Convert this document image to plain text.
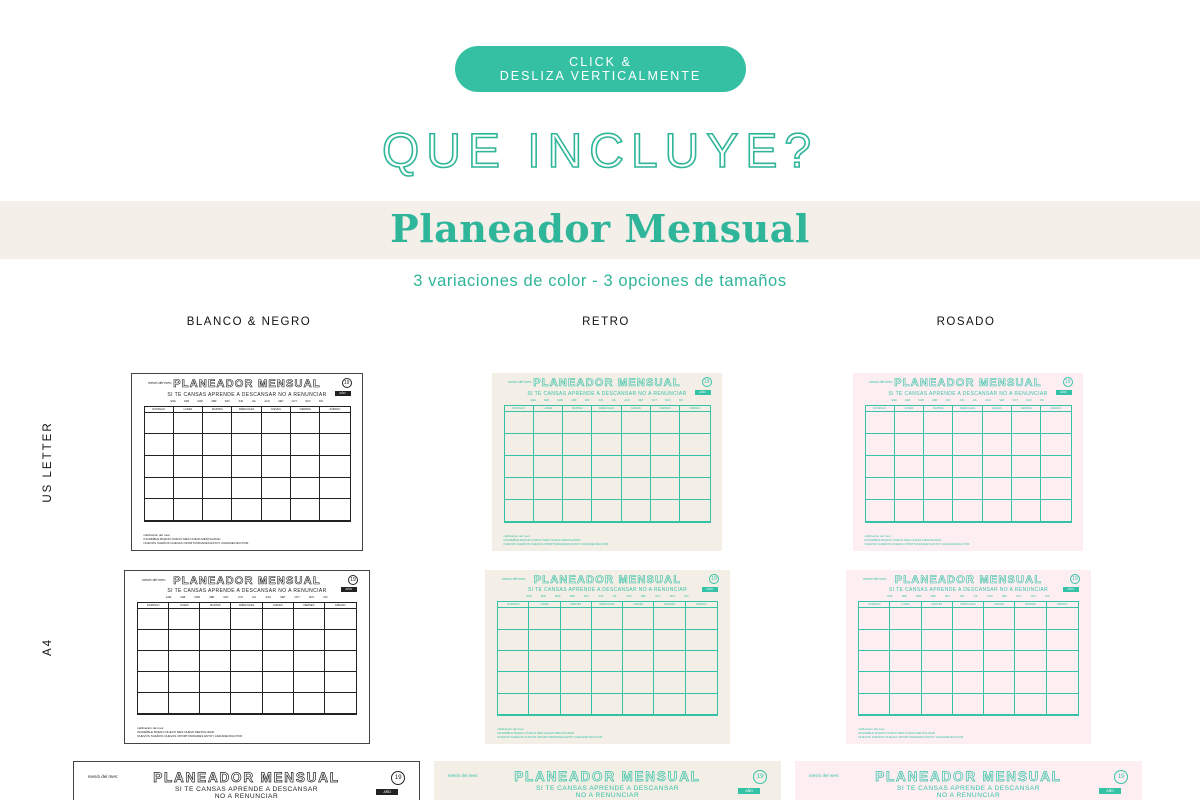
CLICK &
DESLIZA VERTICALMENTE
QUE INCLUYE?
Planeador Mensual

3 variaciones de color - 3 opciones de tamaños

BLANCO & NEGRO	RETRO	ROSADO
US LETTER
A4
mes/o del mes: PLANEADOR MENSUAL
SI TE CANSAS APRENDE A DESCANSAR NO A RENUNCIAR
19
AÑO
ENE	FEB	MAR	ABR	MAY	JUN	JUL	AGO	SEP	OCT	NOV	DIC
DOMINGO	LUNES	MARTES	MIÉRCOLES	JUEVES	VIERNES	SÁBADO
calificación del mes:
INCREÍBLE BUENO NUEVO MES NUEVA MENTALIDAD
NUEVOS SUEÑOS NUEVAS OPORTUNIDADES ESTOY AGRADECIDA POR:
mes/o del mes: PLANEADOR MENSUAL
SI TE CANSAS APRENDE A DESCANSAR NO A RENUNCIAR
19
AÑO
ENE	FEB	MAR	ABR	MAY	JUN	JUL	AGO	SEP	OCT	NOV	DIC
DOMINGO	LUNES	MARTES	MIÉRCOLES	JUEVES	VIERNES	SÁBADO
calificación del mes:
INCREÍBLE BUENO NUEVO MES NUEVA MENTALIDAD
NUEVOS SUEÑOS NUEVAS OPORTUNIDADES ESTOY AGRADECIDA POR:
mes/o del mes: PLANEADOR MENSUAL
SI TE CANSAS APRENDE A DESCANSAR NO A RENUNCIAR
19
AÑO
ENE	FEB	MAR	ABR	MAY	JUN	JUL	AGO	SEP	OCT	NOV	DIC
DOMINGO	LUNES	MARTES	MIÉRCOLES	JUEVES	VIERNES	SÁBADO
calificación del mes:
INCREÍBLE BUENO NUEVO MES NUEVA MENTALIDAD
NUEVOS SUEÑOS NUEVAS OPORTUNIDADES ESTOY AGRADECIDA POR:
mes/o del mes: PLANEADOR MENSUAL
SI TE CANSAS APRENDE A DESCANSAR NO A RENUNCIAR
19
AÑO
ENE	FEB	MAR	ABR	MAY	JUN	JUL	AGO	SEP	OCT	NOV	DIC
DOMINGO	LUNES	MARTES	MIÉRCOLES	JUEVES	VIERNES	SÁBADO
calificación del mes:
INCREÍBLE BUENO NUEVO MES NUEVA MENTALIDAD
NUEVOS SUEÑOS NUEVAS OPORTUNIDADES ESTOY AGRADECIDA POR:
mes/o del mes: PLANEADOR MENSUAL
SI TE CANSAS APRENDE A DESCANSAR NO A RENUNCIAR
19
AÑO
ENE	FEB	MAR	ABR	MAY	JUN	JUL	AGO	SEP	OCT	NOV	DIC
DOMINGO	LUNES	MARTES	MIÉRCOLES	JUEVES	VIERNES	SÁBADO
calificación del mes:
INCREÍBLE BUENO NUEVO MES NUEVA MENTALIDAD
NUEVOS SUEÑOS NUEVAS OPORTUNIDADES ESTOY AGRADECIDA POR:
mes/o del mes: PLANEADOR MENSUAL
SI TE CANSAS APRENDE A DESCANSAR NO A RENUNCIAR
19
AÑO
ENE	FEB	MAR	ABR	MAY	JUN	JUL	AGO	SEP	OCT	NOV	DIC
DOMINGO	LUNES	MARTES	MIÉRCOLES	JUEVES	VIERNES	SÁBADO
calificación del mes:
INCREÍBLE BUENO NUEVO MES NUEVA MENTALIDAD
NUEVOS SUEÑOS NUEVAS OPORTUNIDADES ESTOY AGRADECIDA POR:
mes/o del mes:	PLANEADOR MENSUAL
SI TE CANSAS APRENDE A DESCANSAR
NO A RENUNCIAR
19
AÑO
mes/o del mes:	PLANEADOR MENSUAL
SI TE CANSAS APRENDE A DESCANSAR
NO A RENUNCIAR
19
AÑO
mes/o del mes:	PLANEADOR MENSUAL
SI TE CANSAS APRENDE A DESCANSAR
NO A RENUNCIAR
19
AÑO
